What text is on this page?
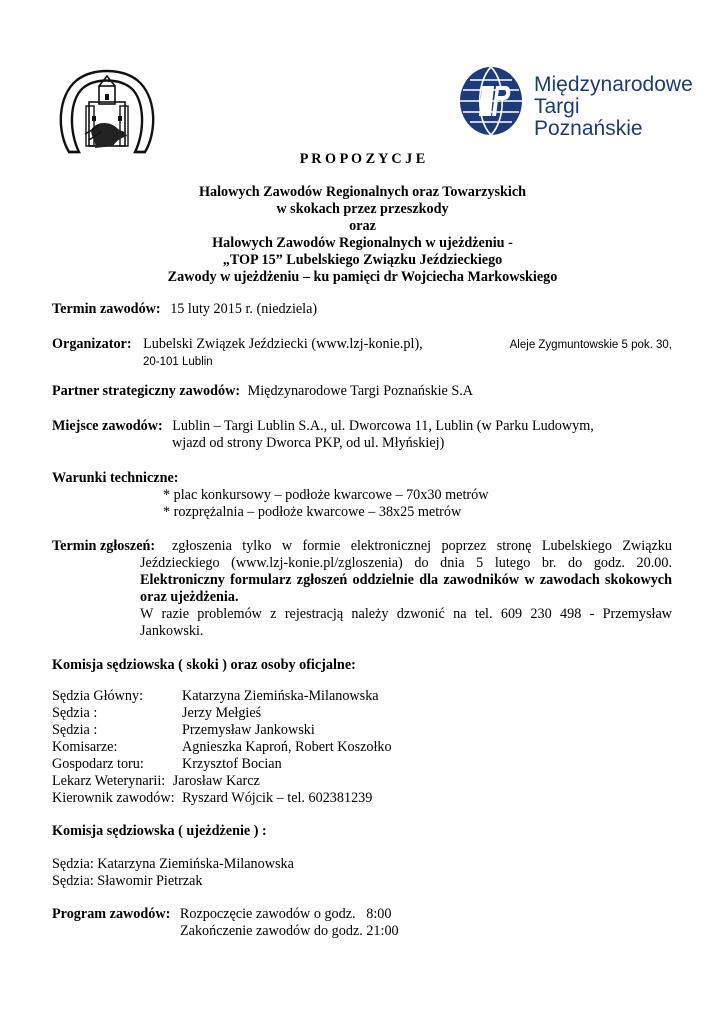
Międzynarodowe
Targi
Poznańskie
P R O P O Z Y C J E
Halowych Zawodów Regionalnych oraz Towarzyskich
w skokach przez przeszkody
oraz
Halowych Zawodów Regionalnych w ujeżdżeniu -
„TOP 15” Lubelskiego Związku Jeździeckiego
Zawody w ujeżdżeniu – ku pamięci dr Wojciecha Markowskiego
Termin zawodów: 15 luty 2015 r. (niedziela)
Organizator: Lubelski Związek Jeździecki (www.lzj-konie.pl),	Aleje Zygmuntowskie 5 pok. 30,
20-101 Lublin
Partner strategiczny zawodów: Międzynarodowe Targi Poznańskie S.A
Miejsce zawodów: Lublin – Targi Lublin S.A., ul. Dworcowa 11, Lublin (w Parku Ludowym,
wjazd od strony Dworca PKP, od ul. Młyńskiej)
Warunki techniczne:
* plac konkursowy – podłoże kwarcowe – 70x30 metrów
* rozprężalnia – podłoże kwarcowe – 38x25 metrów
Termin zgłoszeń: zgłoszenia tylko w formie elektronicznej poprzez stronę Lubelskiego Związku
Jeździeckiego (www.lzj-konie.pl/zgloszenia) do dnia 5 lutego br. do godz. 20.00.
Elektroniczny formularz zgłoszeń oddzielnie dla zawodników w zawodach skokowych
oraz ujeżdżenia.
W razie problemów z rejestracją należy dzwonić na tel. 609 230 498 - Przemysław
Jankowski.
Komisja sędziowska ( skoki ) oraz osoby oficjalne:
Sędzia Główny:	Katarzyna Ziemińska-Milanowska
Sędzia :	Jerzy Mełgieś
Sędzia :	Przemysław Jankowski
Komisarze:	Agnieszka Kaproń, Robert Koszołko
Gospodarz toru:	Krzysztof Bocian
Lekarz Weterynarii: Jarosław Karcz
Kierownik zawodów: Ryszard Wójcik – tel. 602381239
Komisja sędziowska ( ujeżdżenie ) :
Sędzia: Katarzyna Ziemińska-Milanowska
Sędzia: Sławomir Pietrzak
Program zawodów: Rozpoczęcie zawodów o godz.   8:00
Zakończenie zawodów do godz. 21:00
